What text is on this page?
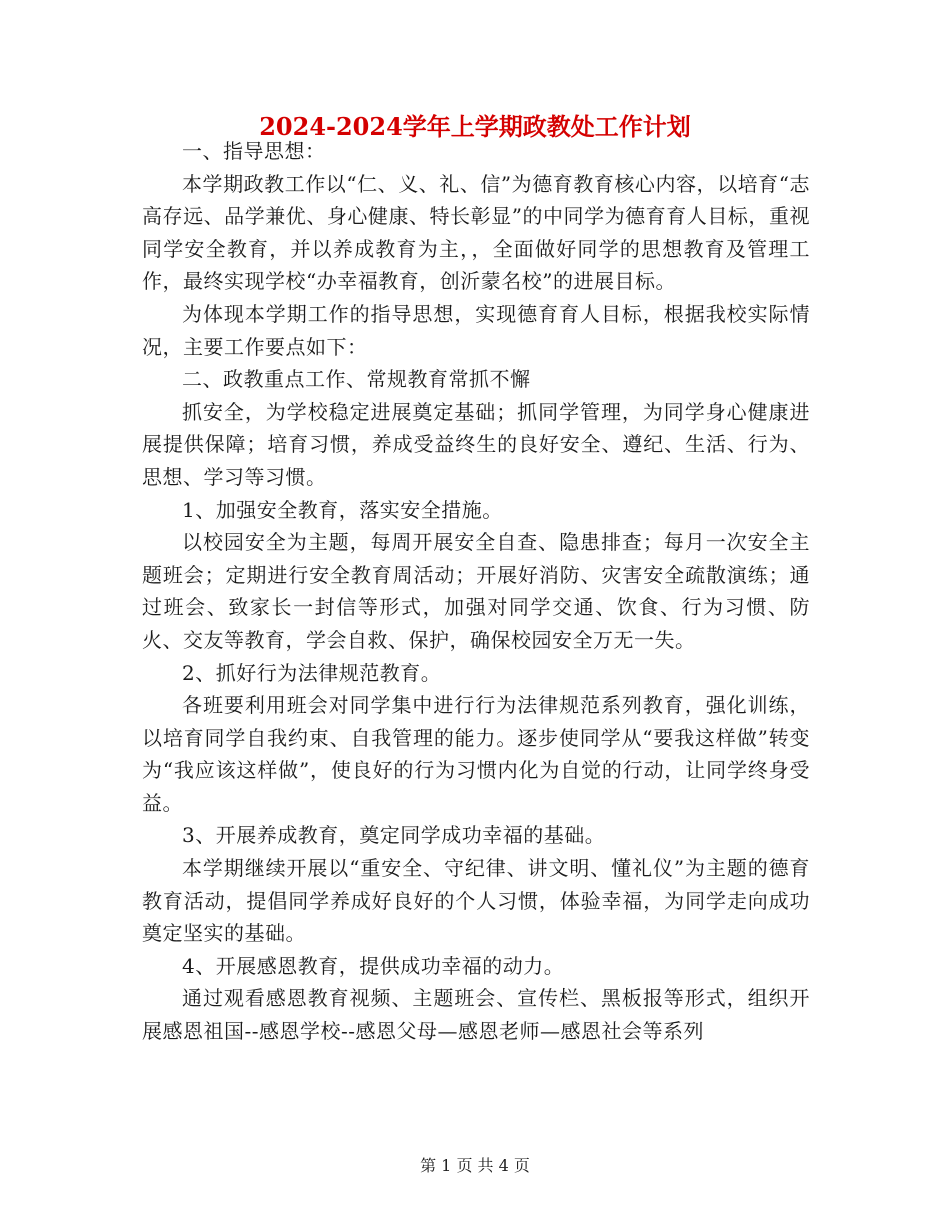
2024-2024学年上学期政教处工作计划

一、指导思想：

本学期政教工作以“仁、义、礼、信”为德育教育核心内容，以培育“志高存远、品学兼优、身心健康、特长彰显”的中同学为德育育人目标，重视同学安全教育，并以养成教育为主，，全面做好同学的思想教育及管理工作，最终实现学校“办幸福教育，创沂蒙名校”的进展目标。

为体现本学期工作的指导思想，实现德育育人目标，根据我校实际情况，主要工作要点如下：

二、政教重点工作、常规教育常抓不懈

抓安全，为学校稳定进展奠定基础；抓同学管理，为同学身心健康进展提供保障；培育习惯，养成受益终生的良好安全、遵纪、生活、行为、思想、学习等习惯。

1、加强安全教育，落实安全措施。

以校园安全为主题，每周开展安全自查、隐患排查；每月一次安全主题班会；定期进行安全教育周活动；开展好消防、灾害安全疏散演练；通过班会、致家长一封信等形式，加强对同学交通、饮食、行为习惯、防火、交友等教育，学会自救、保护，确保校园安全万无一失。

2、抓好行为法律规范教育。

各班要利用班会对同学集中进行行为法律规范系列教育，强化训练，以培育同学自我约束、自我管理的能力。逐步使同学从“要我这样做”转变为“我应该这样做”，使良好的行为习惯内化为自觉的行动，让同学终身受益。

3、开展养成教育，奠定同学成功幸福的基础。

本学期继续开展以“重安全、守纪律、讲文明、懂礼仪”为主题的德育教育活动，提倡同学养成好良好的个人习惯，体验幸福，为同学走向成功奠定坚实的基础。

4、开展感恩教育，提供成功幸福的动力。

通过观看感恩教育视频、主题班会、宣传栏、黑板报等形式，组织开展感恩祖国--感恩学校--感恩父母—感恩老师—感恩社会等系列

第 1 页 共 4 页
